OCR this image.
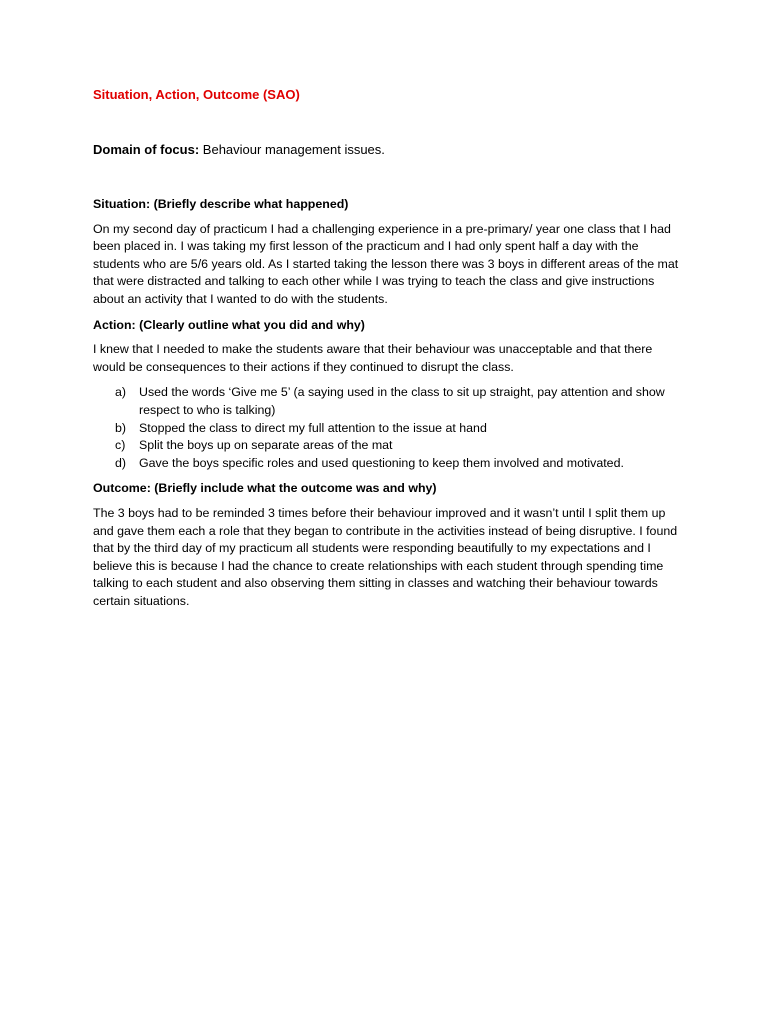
Situation, Action, Outcome (SAO)
Domain of focus: Behaviour management issues.
Situation: (Briefly describe what happened)

On my second day of practicum I had a challenging experience in a pre-primary/ year one class that I had been placed in. I was taking my first lesson of the practicum and I had only spent half a day with the students who are 5/6 years old. As I started taking the lesson there was 3 boys in different areas of the mat that were distracted and talking to each other while I was trying to teach the class and give instructions about an activity that I wanted to do with the students.

Action: (Clearly outline what you did and why)

I knew that I needed to make the students aware that their behaviour was unacceptable and that there would be consequences to their actions if they continued to disrupt the class.

a) Used the words ‘Give me 5’ (a saying used in the class to sit up straight, pay attention and show respect to who is talking)
b) Stopped the class to direct my full attention to the issue at hand
c) Split the boys up on separate areas of the mat
d) Gave the boys specific roles and used questioning to keep them involved and motivated.
Outcome: (Briefly include what the outcome was and why)

The 3 boys had to be reminded 3 times before their behaviour improved and it wasn’t until I split them up and gave them each a role that they began to contribute in the activities instead of being disruptive. I found that by the third day of my practicum all students were responding beautifully to my expectations and I believe this is because I had the chance to create relationships with each student through spending time talking to each student and also observing them sitting in classes and watching their behaviour towards certain situations.
